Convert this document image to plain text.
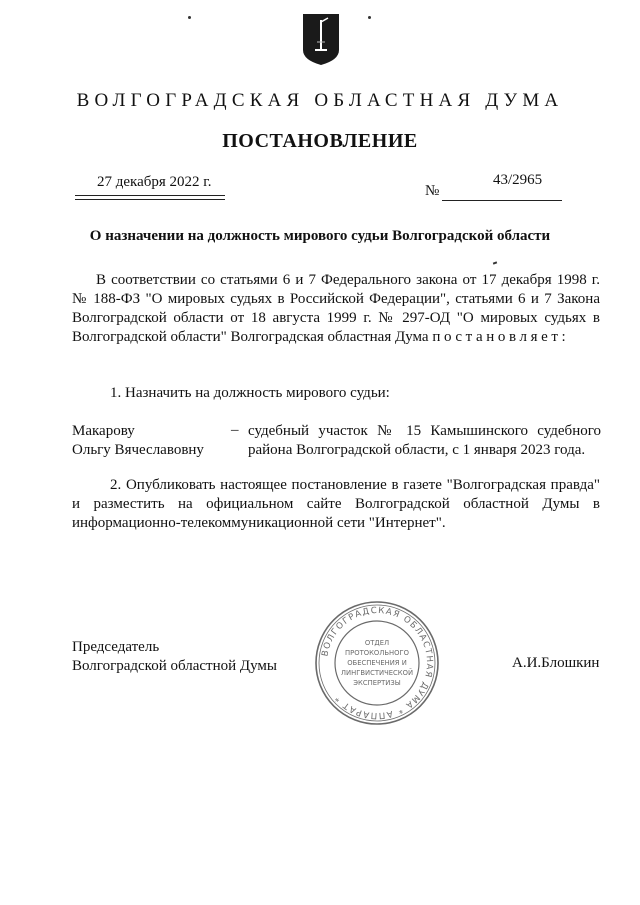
ВОЛГОГРАДСКАЯ ОБЛАСТНАЯ ДУМА
ПОСТАНОВЛЕНИЕ
27 декабря 2022 г.
№
43/2965
О назначении на должность мирового судьи Волгоградской области
В соответствии со статьями 6 и 7 Федерального закона от 17 декабря 1998 г. № 188-ФЗ "О мировых судьях в Российской Федерации", статьями 6 и 7 Закона Волгоградской области от 18 августа 1999 г. № 297-ОД "О мировых судьях в Волгоградской области" Волгоградская областная Дума постановляет:
1. Назначить на должность мирового судьи:
Макарову
Ольгу Вячеславовну
– судебный участок № 15 Камышинского судебного района Волгоградской области, с 1 января 2023 года.
2. Опубликовать настоящее постановление в газете "Волгоградская правда" и разместить на официальном сайте Волгоградской областной Думы в информационно-телекоммуникационной сети "Интернет".
Председатель
Волгоградской областной Думы	А.И.Блошкин
ВОЛГОГРАДСКАЯ ОБЛАСТНАЯ ДУМА * АППАРАТ *
ОТДЕЛ
ПРОТОКОЛЬНОГО
ОБЕСПЕЧЕНИЯ И
ЛИНГВИСТИЧЕСКОЙ
ЭКСПЕРТИЗЫ
